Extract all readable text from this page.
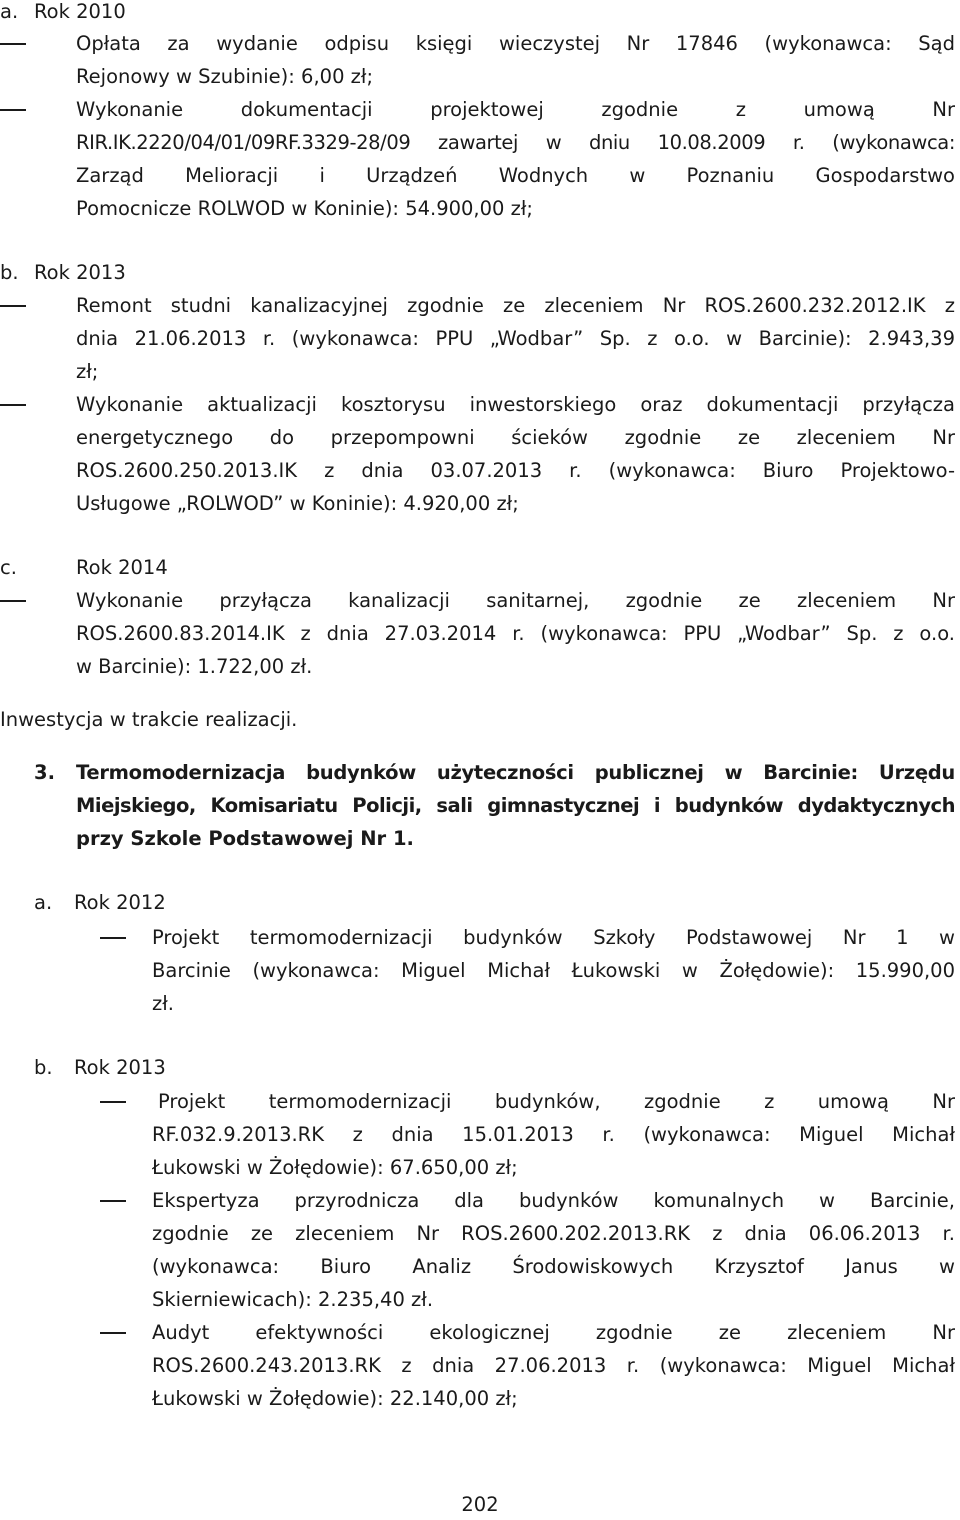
a. Rok 2010
Opłata za wydanie odpisu księgi wieczystej Nr 17846 (wykonawca: Sąd
Rejonowy w Szubinie): 6,00 zł;
Wykonanie dokumentacji projektowej zgodnie z umową Nr
RIR.IK.2220/04/01/09RF.3329-28/09 zawartej w dniu 10.08.2009 r. (wykonawca:
Zarząd Melioracji i Urządzeń Wodnych w Poznaniu Gospodarstwo
Pomocnicze ROLWOD w Koninie): 54.900,00 zł;
Rok 2013
b.
Remont studni kanalizacyjnej zgodnie ze zleceniem Nr ROS.2600.232.2012.IK z
dnia 21.06.2013 r. (wykonawca: PPU „Wodbar” Sp. z o.o. w Barcinie): 2.943,39
zł;
Wykonanie aktualizacji kosztorysu inwestorskiego oraz dokumentacji przyłącza
energetycznego do przepompowni ścieków zgodnie ze zleceniem Nr
ROS.2600.250.2013.IK z dnia 03.07.2013 r. (wykonawca: Biuro Projektowo-
Usługowe „ROLWOD” w Koninie): 4.920,00 zł;
c.	Rok 2014
Wykonanie przyłącza kanalizacji sanitarnej, zgodnie ze zleceniem Nr
ROS.2600.83.2014.IK z dnia 27.03.2014 r. (wykonawca: PPU „Wodbar” Sp. z o.o.
w Barcinie): 1.722,00 zł.
Inwestycja w trakcie realizacji.
3. Termomodernizacja budynków użyteczności publicznej w Barcinie: Urzędu
Miejskiego, Komisariatu Policji, sali gimnastycznej i budynków dydaktycznych
przy Szkole Podstawowej Nr 1.
a. Rok 2012
Projekt termomodernizacji budynków Szkoły Podstawowej Nr 1 w
Barcinie (wykonawca: Miguel Michał Łukowski w Żołędowie): 15.990,00
zł.
b. Rok 2013
Projekt termomodernizacji budynków, zgodnie z umową Nr
RF.032.9.2013.RK z dnia 15.01.2013 r. (wykonawca: Miguel Michał
Łukowski w Żołędowie): 67.650,00 zł;
Ekspertyza przyrodnicza dla budynków komunalnych w Barcinie,
zgodnie ze zleceniem Nr ROS.2600.202.2013.RK z dnia 06.06.2013 r.
(wykonawca: Biuro Analiz Środowiskowych Krzysztof Janus w
Skierniewicach): 2.235,40 zł.
Audyt efektywności ekologicznej zgodnie ze zleceniem Nr
ROS.2600.243.2013.RK z dnia 27.06.2013 r. (wykonawca: Miguel Michał
Łukowski w Żołędowie): 22.140,00 zł;
202
